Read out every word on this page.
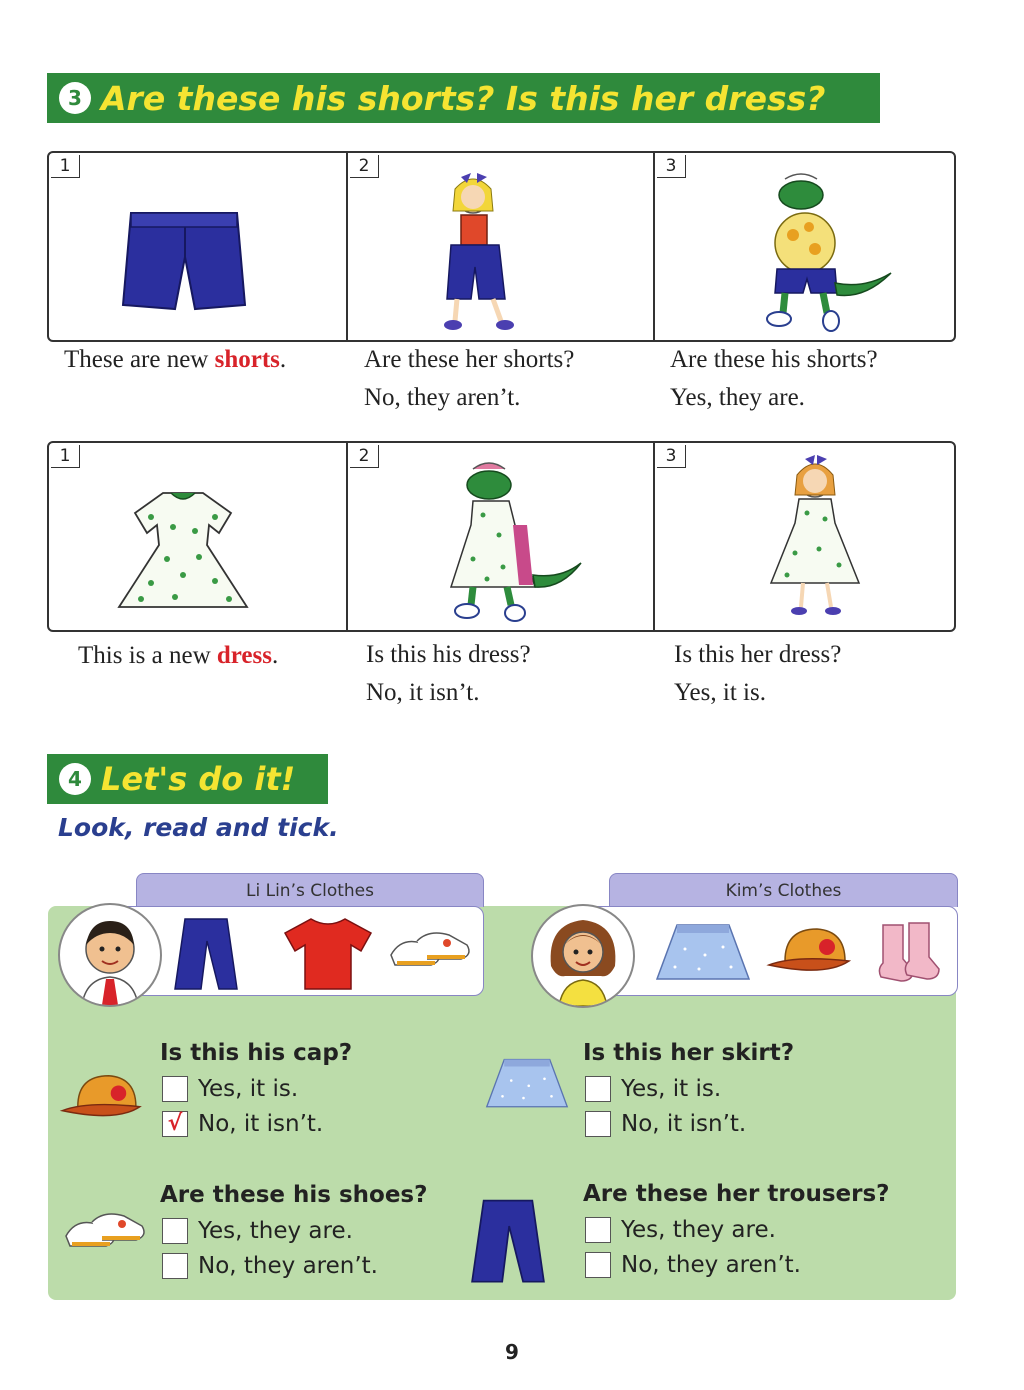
3 Are these his shorts? Is this her dress?
1	2	3
These are new shorts.	Are these her shorts?
No, they aren’t.
Are these his shorts?
Yes, they are.
1	2	3
This is a new dress.	Is this his dress?
No, it isn’t.
Is this her dress?
Yes, it is.
4 Let's do it!
Look, read and tick.
Li Lin’s Clothes	Kim’s Clothes
Is this his cap?
Yes, it is.
√ No, it isn’t.
Is this her skirt?
Yes, it is.
No, it isn’t.
Are these his shoes?
Yes, they are.
No, they aren’t.
Are these her trousers?
Yes, they are.
No, they aren’t.
9
